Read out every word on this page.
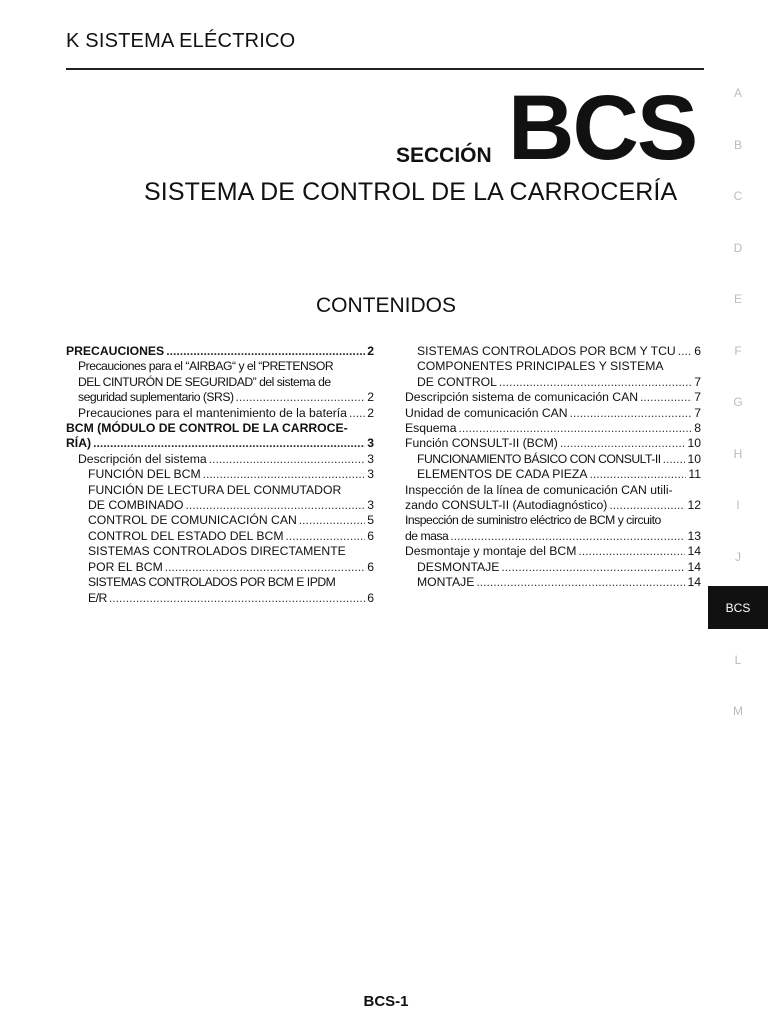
K SISTEMA ELÉCTRICO
SECCIÓN BCS
SISTEMA DE CONTROL DE LA CARROCERÍA
CONTENIDOS
PRECAUCIONES .....	2
Precauciones para el “AIRBAG“ y el “PRETENSOR
DEL CINTURÓN DE SEGURIDAD” del sistema de
seguridad suplementario (SRS) .....	2
Precauciones para el mantenimiento de la batería ..... 2
BCM (MÓDULO DE CONTROL DE LA CARROCE-
RÍA) .....	3
Descripción del sistema .....	3
FUNCIÓN DEL BCM .....	3
FUNCIÓN DE LECTURA DEL CONMUTADOR
DE COMBINADO .....	3
CONTROL DE COMUNICACIÓN CAN .....	5
CONTROL DEL ESTADO DEL BCM .....	6
SISTEMAS CONTROLADOS DIRECTAMENTE
POR EL BCM .....	6
SISTEMAS CONTROLADOS POR BCM E IPDM
E/R .....	6
SISTEMAS CONTROLADOS POR BCM Y TCU ..... 6
COMPONENTES PRINCIPALES Y SISTEMA
DE CONTROL .....	7
Descripción sistema de comunicación CAN .....	7
Unidad de comunicación CAN .....	7
Esquema .....	8
Función CONSULT-II (BCM) .....	10
FUNCIONAMIENTO BÁSICO CON CONSULT-II ..... 10
ELEMENTOS DE CADA PIEZA .....	11
Inspección de la línea de comunicación CAN utili-
zando CONSULT-II (Autodiagnóstico) .....	12
Inspección de suministro eléctrico de BCM y circuito
de masa .....	13
Desmontaje y montaje del BCM .....	14
DESMONTAJE .....	14
MONTAJE .....	14
A
B
C
D
E
F
G
H
I
J
BCS
L
M
BCS-1
